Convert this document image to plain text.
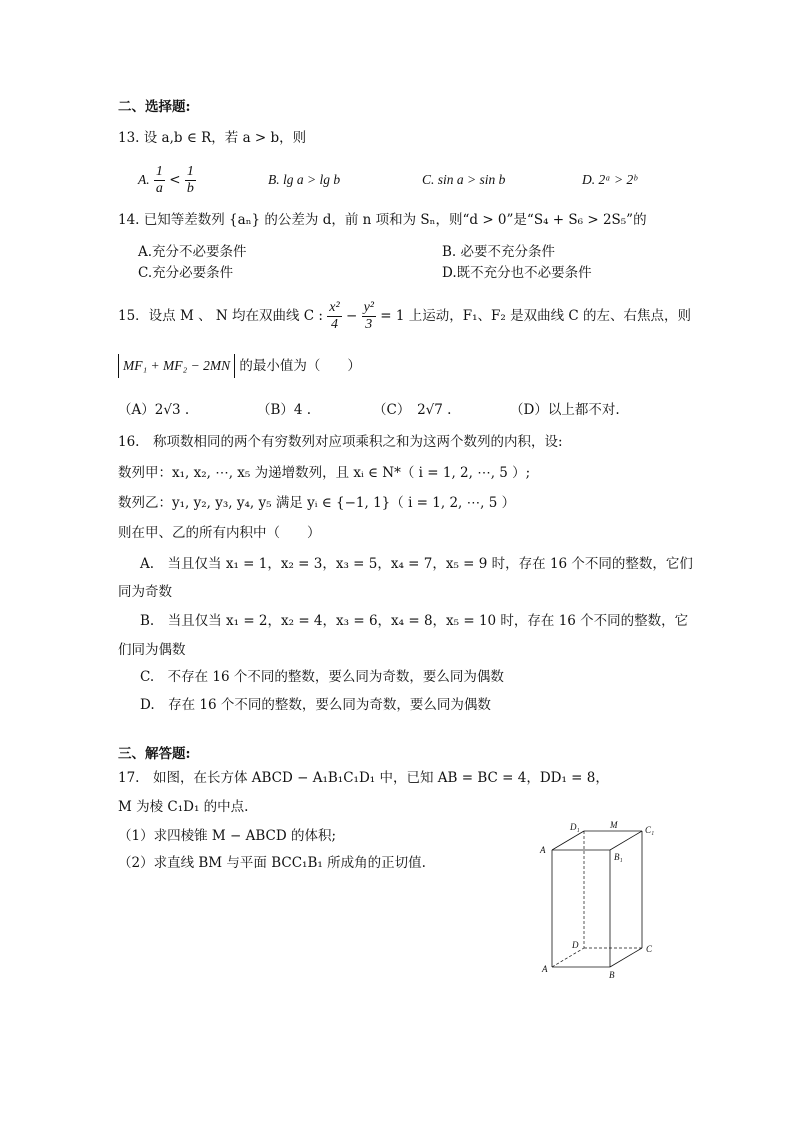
二、选择题:
13. 设 a,b ∈ R，若 a > b，则
A. $\frac{1}{a} < \frac{1}{b}$	B. lg a > lg b	C. sin a > sin b	D. 2ᵃ > 2ᵇ
14. 已知等差数列 {aₙ} 的公差为 d，前 n 项和为 Sₙ，则“d > 0”是“S₄ + S₆ > 2S₅”的
A.充分不必要条件	B. 必要不充分条件
C.充分必要条件	D.既不充分也不必要条件
15．设点 M 、 N 均在双曲线 C : $\frac{\text{x²}}{4} - \frac{\text{y²}}{3} = 1$ 上运动，F₁、F₂ 是双曲线 C 的左、右焦点，则
MF₁ + MF₂ − 2MN 的最小值为（　　）
（A）2√3 .	（B）4 .	（C）　2√7 .	（D）以上都不对.
16.　称项数相同的两个有穷数列对应项乘积之和为这两个数列的内积，设:
数列甲：x₁, x₂, ⋯, x₅ 为递增数列，且 xᵢ ∈ N*（ i = 1, 2, ⋯, 5 ）;
数列乙：y₁, y₂, y₃, y₄, y₅ 满足 yᵢ ∈ {−1, 1}（ i = 1, 2, ⋯, 5 ）
则在甲、乙的所有内积中（　　）
A.　当且仅当 x₁ = 1，x₂ = 3，x₃ = 5，x₄ = 7，x₅ = 9 时，存在 16 个不同的整数，它们
同为奇数
B.　当且仅当 x₁ = 2，x₂ = 4，x₃ = 6，x₄ = 8，x₅ = 10 时，存在 16 个不同的整数，它
们同为偶数
C.　不存在 16 个不同的整数，要么同为奇数，要么同为偶数
D.　存在 16 个不同的整数，要么同为奇数，要么同为偶数
三、解答题:
17.　如图，在长方体 ABCD − A₁B₁C₁D₁ 中，已知 AB = BC = 4，DD₁ = 8，
M 为棱 C₁D₁ 的中点.
（1）求四棱锥 M − ABCD 的体积;
（2）求直线 BM 与平面 BCC₁B₁ 所成角的正切值.
D₁	M	C₁
A
B₁
D	C
A
B
